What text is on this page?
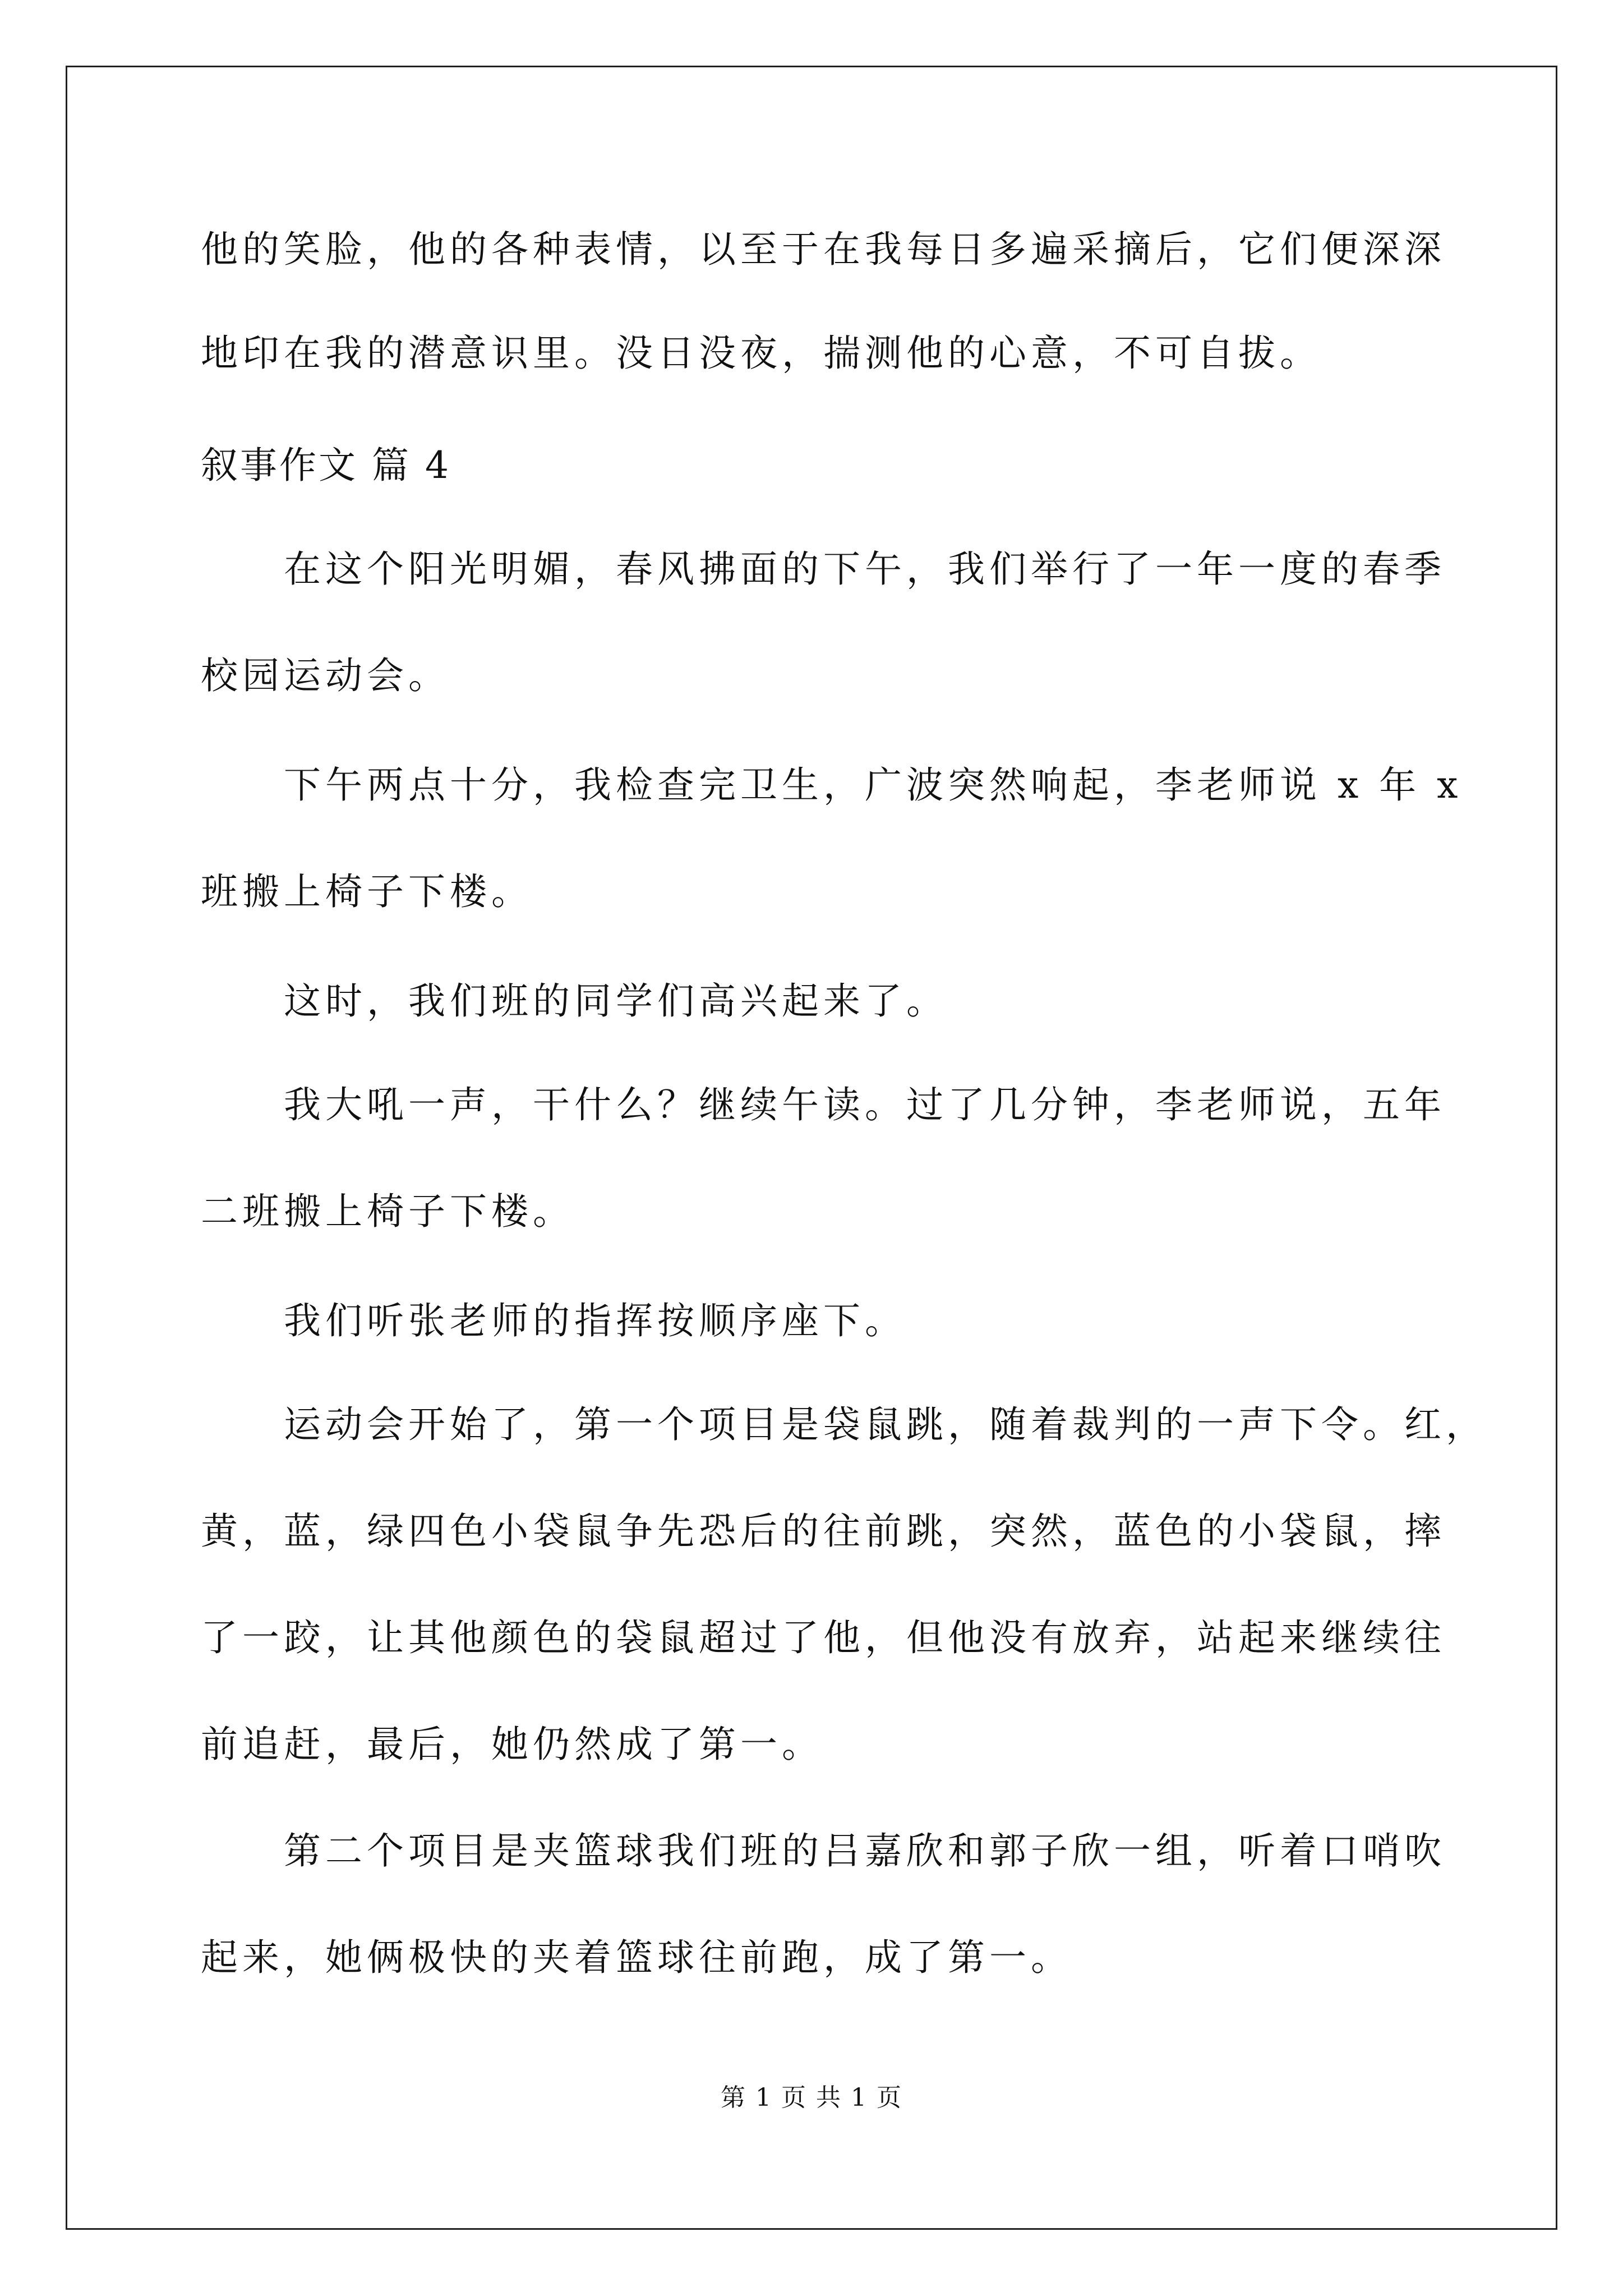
他的笑脸，他的各种表情，以至于在我每日多遍采摘后，它们便深深
地印在我的潜意识里。没日没夜，揣测他的心意，不可自拔。
叙事作文 篇 4
在这个阳光明媚，春风拂面的下午，我们举行了一年一度的春季
校园运动会。
下午两点十分，我检查完卫生，广波突然响起，李老师说 x 年 x
班搬上椅子下楼。
这时，我们班的同学们高兴起来了。
我大吼一声，干什么？继续午读。过了几分钟，李老师说，五年
二班搬上椅子下楼。
我们听张老师的指挥按顺序座下。
运动会开始了，第一个项目是袋鼠跳，随着裁判的一声下令。红，
黄，蓝，绿四色小袋鼠争先恐后的往前跳，突然，蓝色的小袋鼠，摔
了一跤，让其他颜色的袋鼠超过了他，但他没有放弃，站起来继续往
前追赶，最后，她仍然成了第一。
第二个项目是夹篮球我们班的吕嘉欣和郭子欣一组，听着口哨吹
起来，她俩极快的夹着篮球往前跑，成了第一。
第 1 页 共 1 页
